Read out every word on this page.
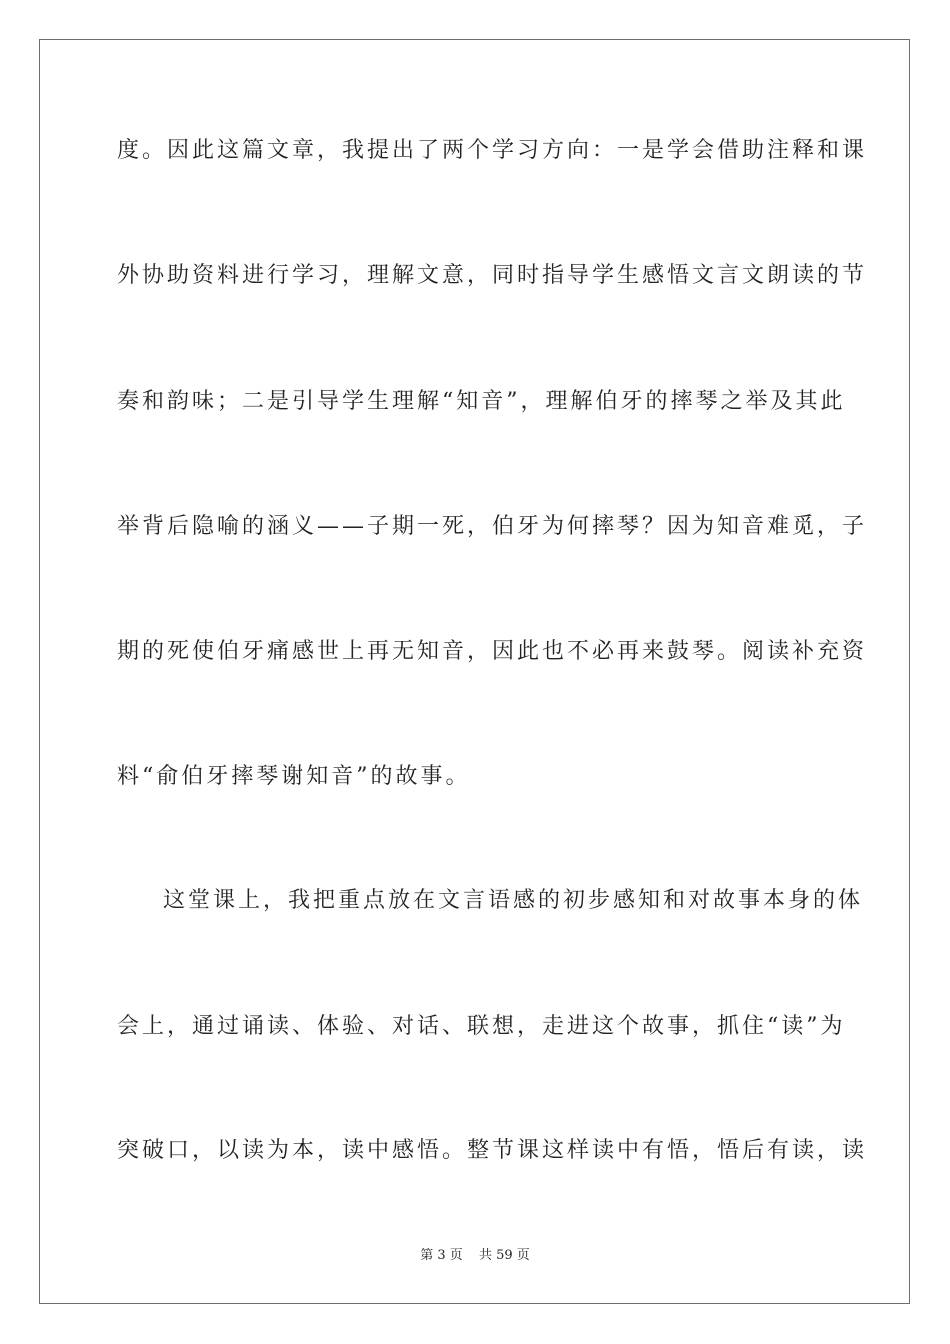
度。因此这篇文章，我提出了两个学习方向：一是学会借助注释和课
外协助资料进行学习，理解文意，同时指导学生感悟文言文朗读的节
奏和韵味；二是引导学生理解“知音”，理解伯牙的摔琴之举及其此
举背后隐喻的涵义——子期一死，伯牙为何摔琴？因为知音难觅，子
期的死使伯牙痛感世上再无知音，因此也不必再来鼓琴。阅读补充资
料“俞伯牙摔琴谢知音”的故事。
这堂课上，我把重点放在文言语感的初步感知和对故事本身的体
会上，通过诵读、体验、对话、联想，走进这个故事，抓住“读”为
突破口，以读为本，读中感悟。整节课这样读中有悟，悟后有读，读
第 3 页 共 59 页
